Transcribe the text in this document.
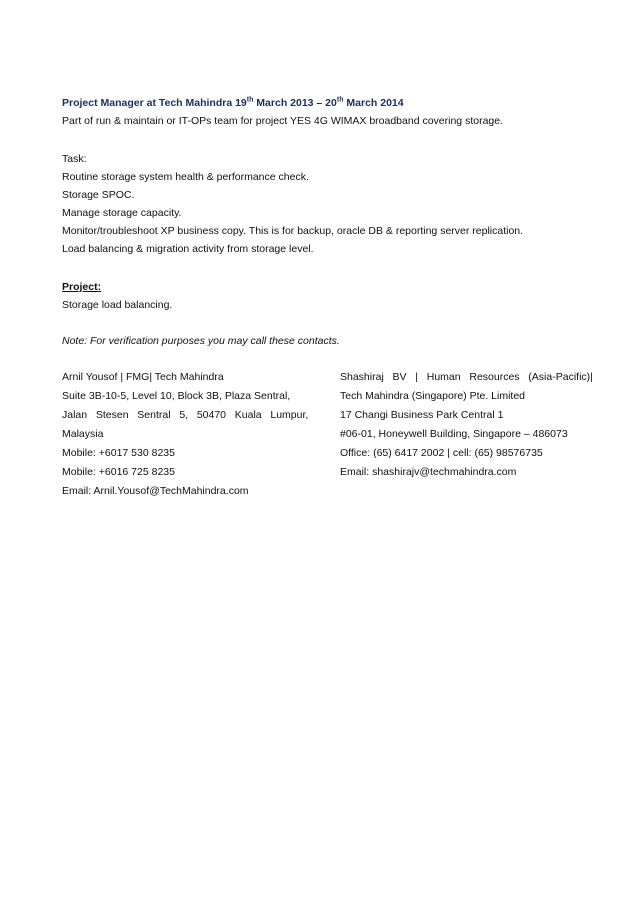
Project Manager at Tech Mahindra 19th March 2013 – 20th March 2014
Part of run & maintain or IT-OPs team for project YES 4G WIMAX broadband covering storage.
Task:
Routine storage system health & performance check.
Storage SPOC.
Manage storage capacity.
Monitor/troubleshoot XP business copy. This is for backup, oracle DB & reporting server replication.
Load balancing & migration activity from storage level.
Project:
Storage load balancing.
Note: For verification purposes you may call these contacts.
Arnil Yousof | FMG| Tech Mahindra
Suite 3B-10-5, Level 10, Block 3B, Plaza Sentral,
Jalan   Stesen   Sentral   5,   50470   Kuala   Lumpur,
Malaysia
Mobile: +6017 530 8235
Mobile: +6016 725 8235
Email: Arnil.Yousof@TechMahindra.com
Shashiraj   BV   |   Human   Resources   (Asia-Pacific)|
Tech Mahindra (Singapore) Pte. Limited
17 Changi Business Park Central 1
#06-01, Honeywell Building, Singapore – 486073
Office: (65) 6417 2002 | cell: (65) 98576735
Email: shashirajv@techmahindra.com
